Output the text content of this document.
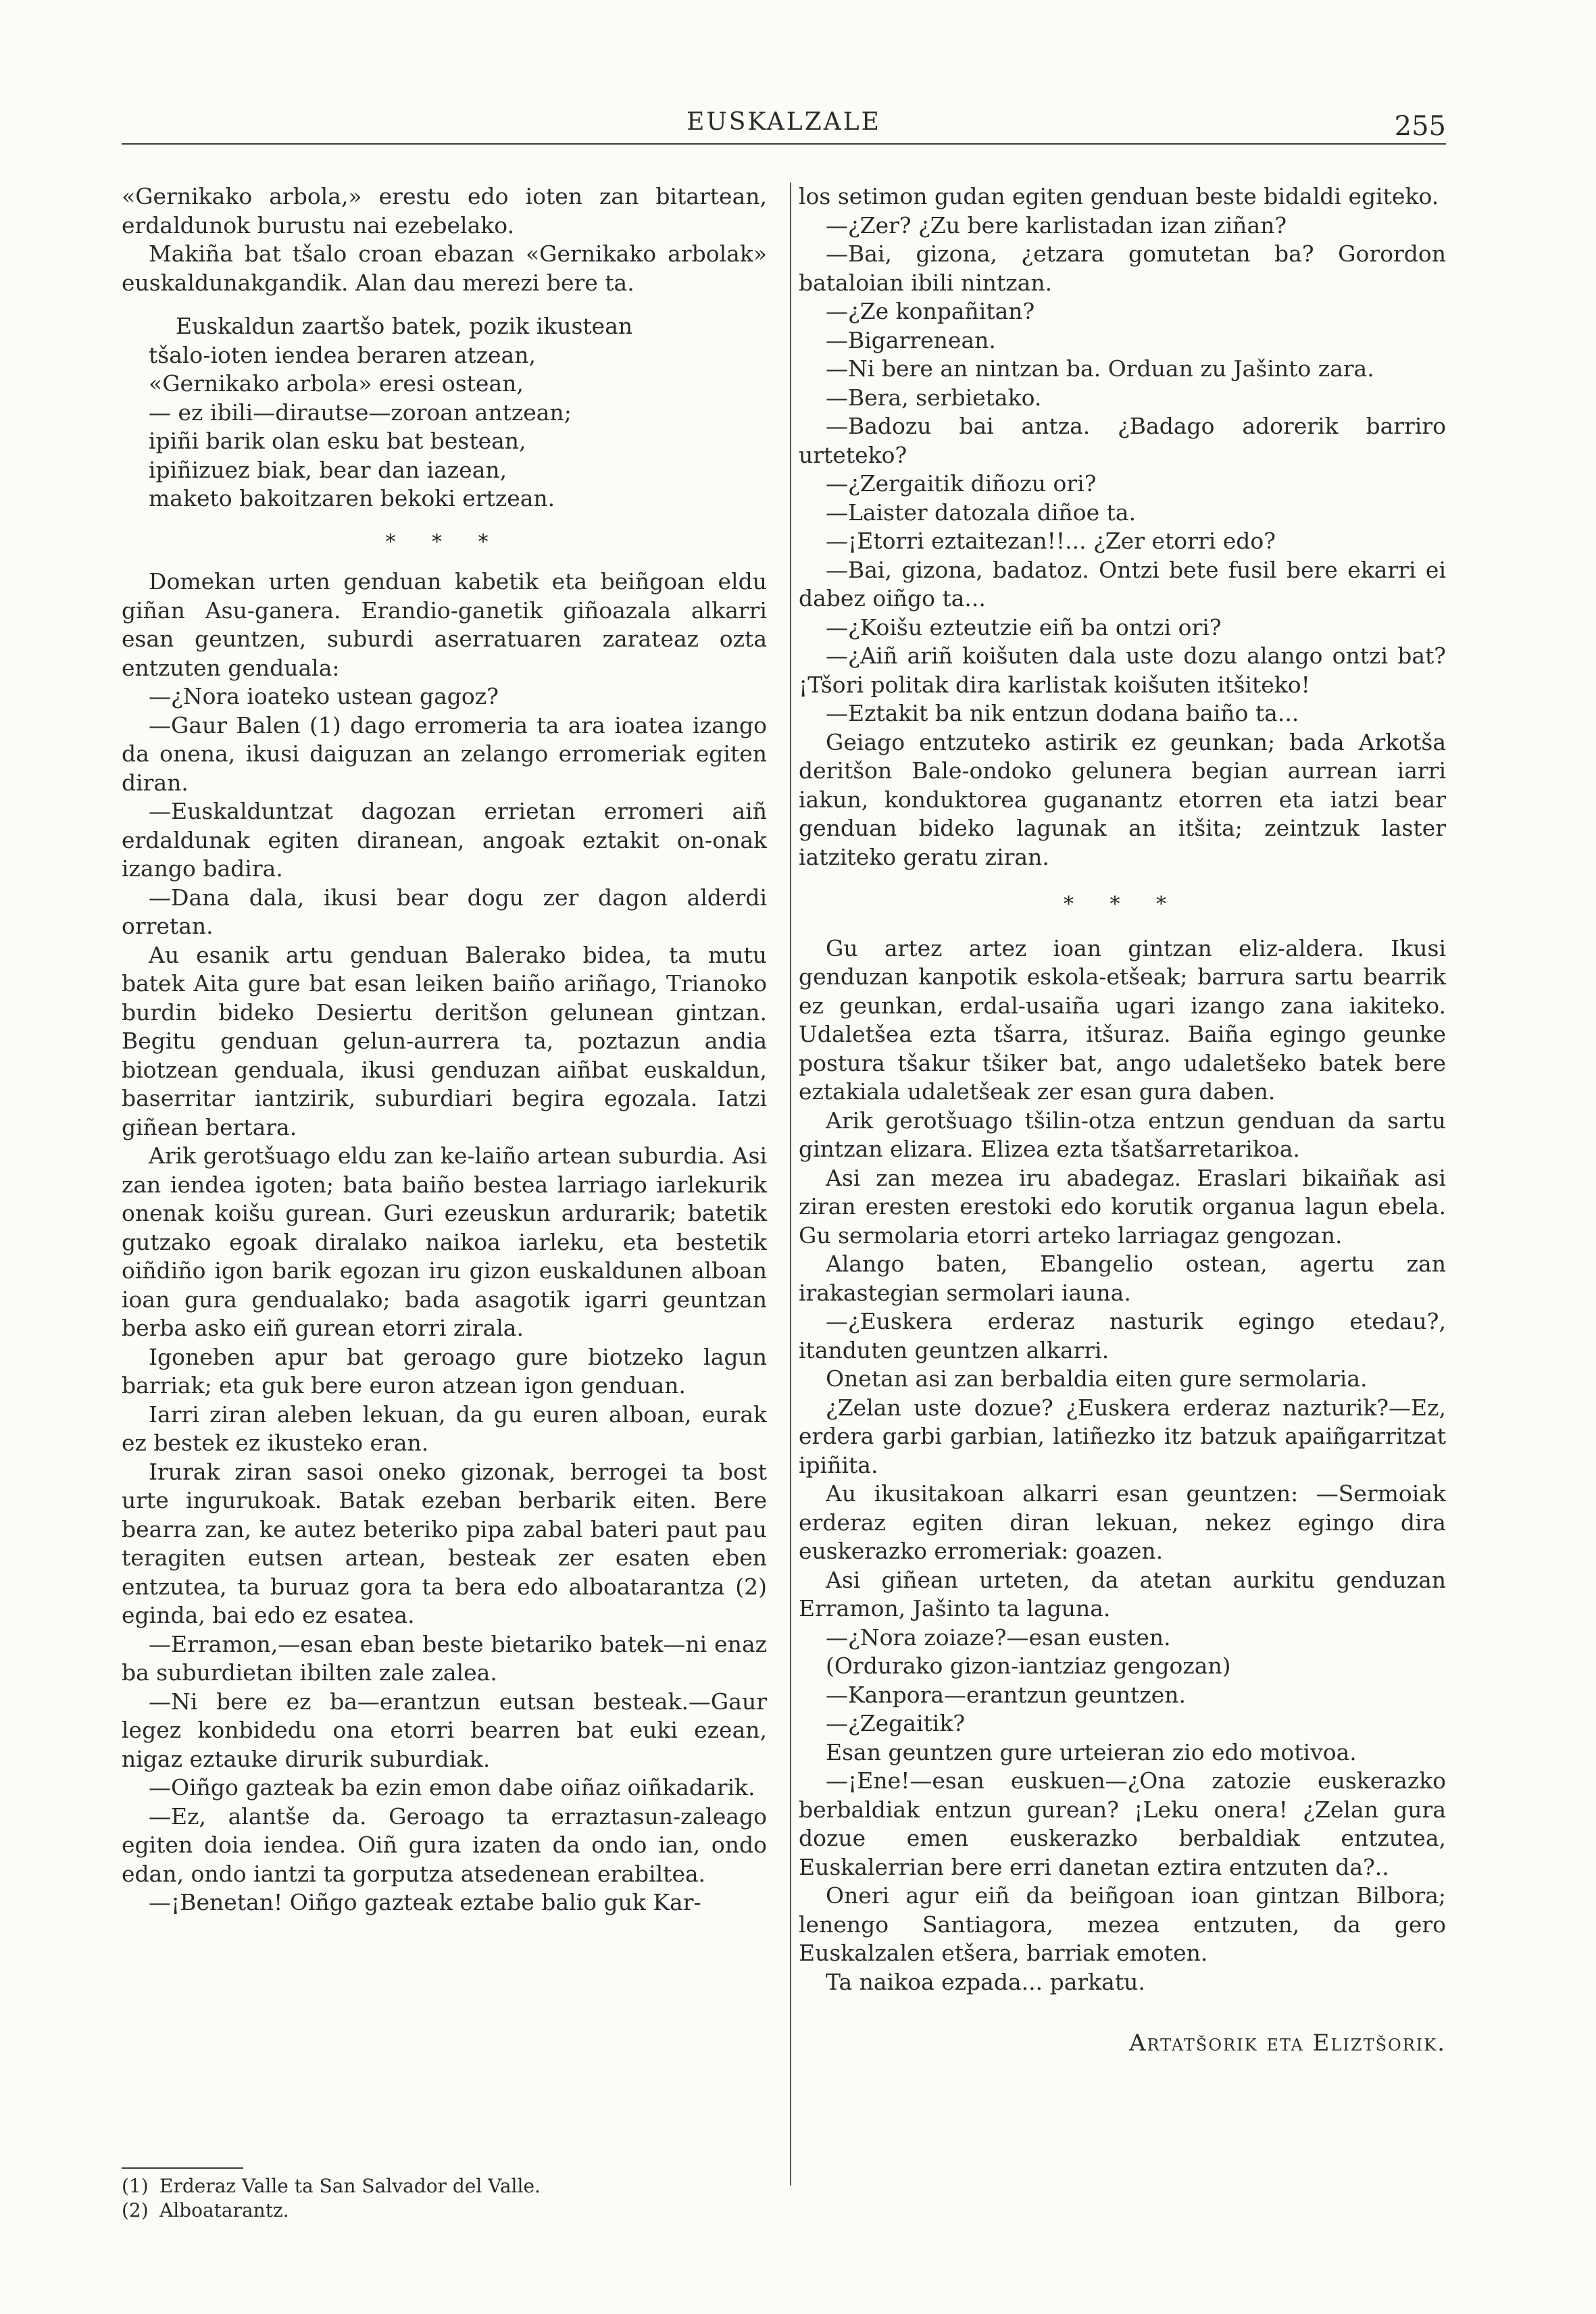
EUSKALZALE	255

«Gernikako arbola,» erestu edo ioten zan bitartean, erdaldunok burustu nai ezebelako.

Makiña bat tšalo croan ebazan «Gernikako arbolak» euskaldunakgandik. Alan dau merezi bere ta.

Euskaldun zaartšo batek, pozik ikustean
tšalo-ioten iendea beraren atzean,
«Gernikako arbola» eresi ostean,
— ez ibili—dirautse—zoroan antzean;
ipiñi barik olan esku bat bestean,
ipiñizuez biak, bear dan iazean,
maketo bakoitzaren bekoki ertzean.

* * *

Domekan urten genduan kabetik eta beiñgoan eldu giñan Asu-ganera. Erandio-ganetik giñoazala alkarri esan geuntzen, suburdi aserratuaren zarateaz ozta entzuten genduala:

—¿Nora ioateko ustean gagoz?

—Gaur Balen (1) dago erromeria ta ara ioatea izango da onena, ikusi daiguzan an zelango erromeriak egiten diran.

—Euskalduntzat dagozan errietan erromeri aiñ erdaldunak egiten diranean, angoak eztakit on-onak izango badira.

—Dana dala, ikusi bear dogu zer dagon alderdi orretan.

Au esanik artu genduan Balerako bidea, ta mutu batek Aita gure bat esan leiken baiño ariñago, Trianoko burdin bideko Desiertu deritšon gelunean gintzan. Begitu genduan gelun-aurrera ta, poztazun andia biotzean genduala, ikusi genduzan aiñbat euskaldun, baserritar iantzirik, suburdiari begira egozala. Iatzi giñean bertara.

Arik gerotšuago eldu zan ke-laiño artean suburdia. Asi zan iendea igoten; bata baiño bestea larriago iarlekurik onenak koišu gurean. Guri ezeuskun ardurarik; batetik gutzako egoak diralako naikoa iarleku, eta bestetik oiñdiño igon barik egozan iru gizon euskaldunen alboan ioan gura gendualako; bada asagotik igarri geuntzan berba asko eiñ gurean etorri zirala.

Igoneben apur bat geroago gure biotzeko lagun barriak; eta guk bere euron atzean igon genduan.

Iarri ziran aleben lekuan, da gu euren alboan, eurak ez bestek ez ikusteko eran.

Irurak ziran sasoi oneko gizonak, berrogei ta bost urte ingurukoak. Batak ezeban berbarik eiten. Bere bearra zan, ke autez beteriko pipa zabal bateri paut pau teragiten eutsen artean, besteak zer esaten eben entzutea, ta buruaz gora ta bera edo alboatarantza (2) eginda, bai edo ez esatea.

—Erramon,—esan eban beste bietariko batek—ni enaz ba suburdietan ibilten zale zalea.

—Ni bere ez ba—erantzun eutsan besteak.—Gaur legez konbidedu ona etorri bearren bat euki ezean, nigaz eztauke dirurik suburdiak.

—Oiñgo gazteak ba ezin emon dabe oiñaz oiñkadarik.

—Ez, alantše da. Geroago ta erraztasun-zaleago egiten doia iendea. Oiñ gura izaten da ondo ian, ondo edan, ondo iantzi ta gorputza atsedenean erabiltea.

—¡Benetan! Oiñgo gazteak eztabe balio guk Kar-

(1) Erderaz Valle ta San Salvador del Valle.
(2) Alboatarantz.

los setimon gudan egiten genduan beste bidaldi egiteko.

—¿Zer? ¿Zu bere karlistadan izan ziñan?

—Bai, gizona, ¿etzara gomutetan ba? Gorordon bataloian ibili nintzan.

—¿Ze konpañitan?

—Bigarrenean.

—Ni bere an nintzan ba. Orduan zu Jašinto zara.

—Bera, serbietako.

—Badozu bai antza. ¿Badago adorerik barriro urteteko?

—¿Zergaitik diñozu ori?

—Laister datozala diñoe ta.

—¡Etorri eztaitezan!!... ¿Zer etorri edo?

—Bai, gizona, badatoz. Ontzi bete fusil bere ekarri ei dabez oiñgo ta...

—¿Koišu ezteutzie eiñ ba ontzi ori?

—¿Aiñ ariñ koišuten dala uste dozu alango ontzi bat? ¡Tšori politak dira karlistak koišuten itšiteko!

—Eztakit ba nik entzun dodana baiño ta...

Geiago entzuteko astirik ez geunkan; bada Arkotša deritšon Bale-ondoko gelunera begian aurrean iarri iakun, konduktorea guganantz etorren eta iatzi bear genduan bideko lagunak an itšita; zeintzuk laster iatziteko geratu ziran.

* * *

Gu artez artez ioan gintzan eliz-aldera. Ikusi genduzan kanpotik eskola-etšeak; barrura sartu bearrik ez geunkan, erdal-usaiña ugari izango zana iakiteko. Udaletšea ezta tšarra, itšuraz. Baiña egingo geunke postura tšakur tšiker bat, ango udaletšeko batek bere eztakiala udaletšeak zer esan gura daben.

Arik gerotšuago tšilin-otza entzun genduan da sartu gintzan elizara. Elizea ezta tšatšarretarikoa.

Asi zan mezea iru abadegaz. Eraslari bikaiñak asi ziran eresten erestoki edo korutik organua lagun ebela. Gu sermolaria etorri arteko larriagaz gengozan.

Alango baten, Ebangelio ostean, agertu zan irakastegian sermolari iauna.

—¿Euskera erderaz nasturik egingo etedau?, itanduten geuntzen alkarri.

Onetan asi zan berbaldia eiten gure sermolaria.

¿Zelan uste dozue? ¿Euskera erderaz nazturik?—Ez, erdera garbi garbian, latiñezko itz batzuk apaiñgarritzat ipiñita.

Au ikusitakoan alkarri esan geuntzen: —Sermoiak erderaz egiten diran lekuan, nekez egingo dira euskerazko erromeriak: goazen.

Asi giñean urteten, da atetan aurkitu genduzan Erramon, Jašinto ta laguna.

—¿Nora zoiaze?—esan eusten.

(Ordurako gizon-iantziaz gengozan)

—Kanpora—erantzun geuntzen.

—¿Zegaitik?

Esan geuntzen gure urteieran zio edo motivoa.

—¡Ene!—esan euskuen—¿Ona zatozie euskerazko berbaldiak entzun gurean? ¡Leku onera! ¿Zelan gura dozue emen euskerazko berbaldiak entzutea, Euskalerrian bere erri danetan eztira entzuten da?..

Oneri agur eiñ da beiñgoan ioan gintzan Bilbora; lenengo Santiagora, mezea entzuten, da gero Euskalzalen etšera, barriak emoten.

Ta naikoa ezpada... parkatu.

Artatšorik eta Eliztšorik.
